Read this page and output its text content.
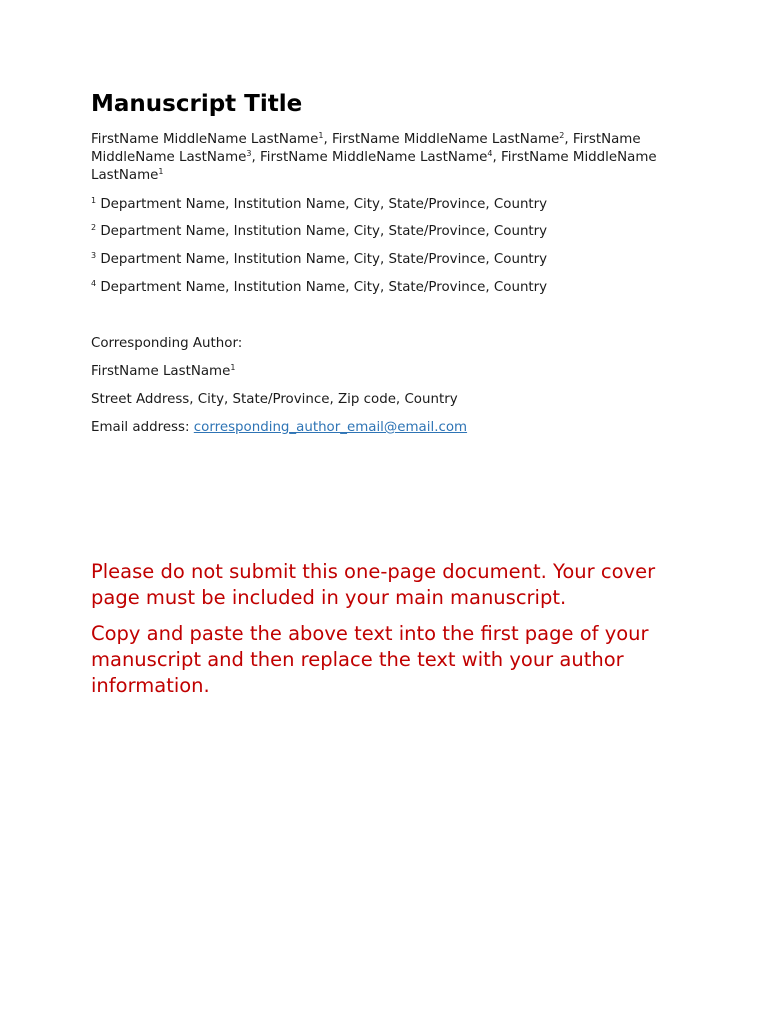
Manuscript Title

FirstName MiddleName LastName$^1$, FirstName MiddleName LastName$^2$, FirstName MiddleName LastName$^3$, FirstName MiddleName LastName$^4$, FirstName MiddleName LastName$^1$

$^1$ Department Name, Institution Name, City, State/Province, Country

$^2$ Department Name, Institution Name, City, State/Province, Country

$^3$ Department Name, Institution Name, City, State/Province, Country

$^4$ Department Name, Institution Name, City, State/Province, Country

Corresponding Author:

FirstName LastName$^1$

Street Address, City, State/Province, Zip code, Country

Email address: corresponding_author_email@email.com

Please do not submit this one-page document. Your cover page must be included in your main manuscript.

Copy and paste the above text into the first page of your manuscript and then replace the text with your author information.
